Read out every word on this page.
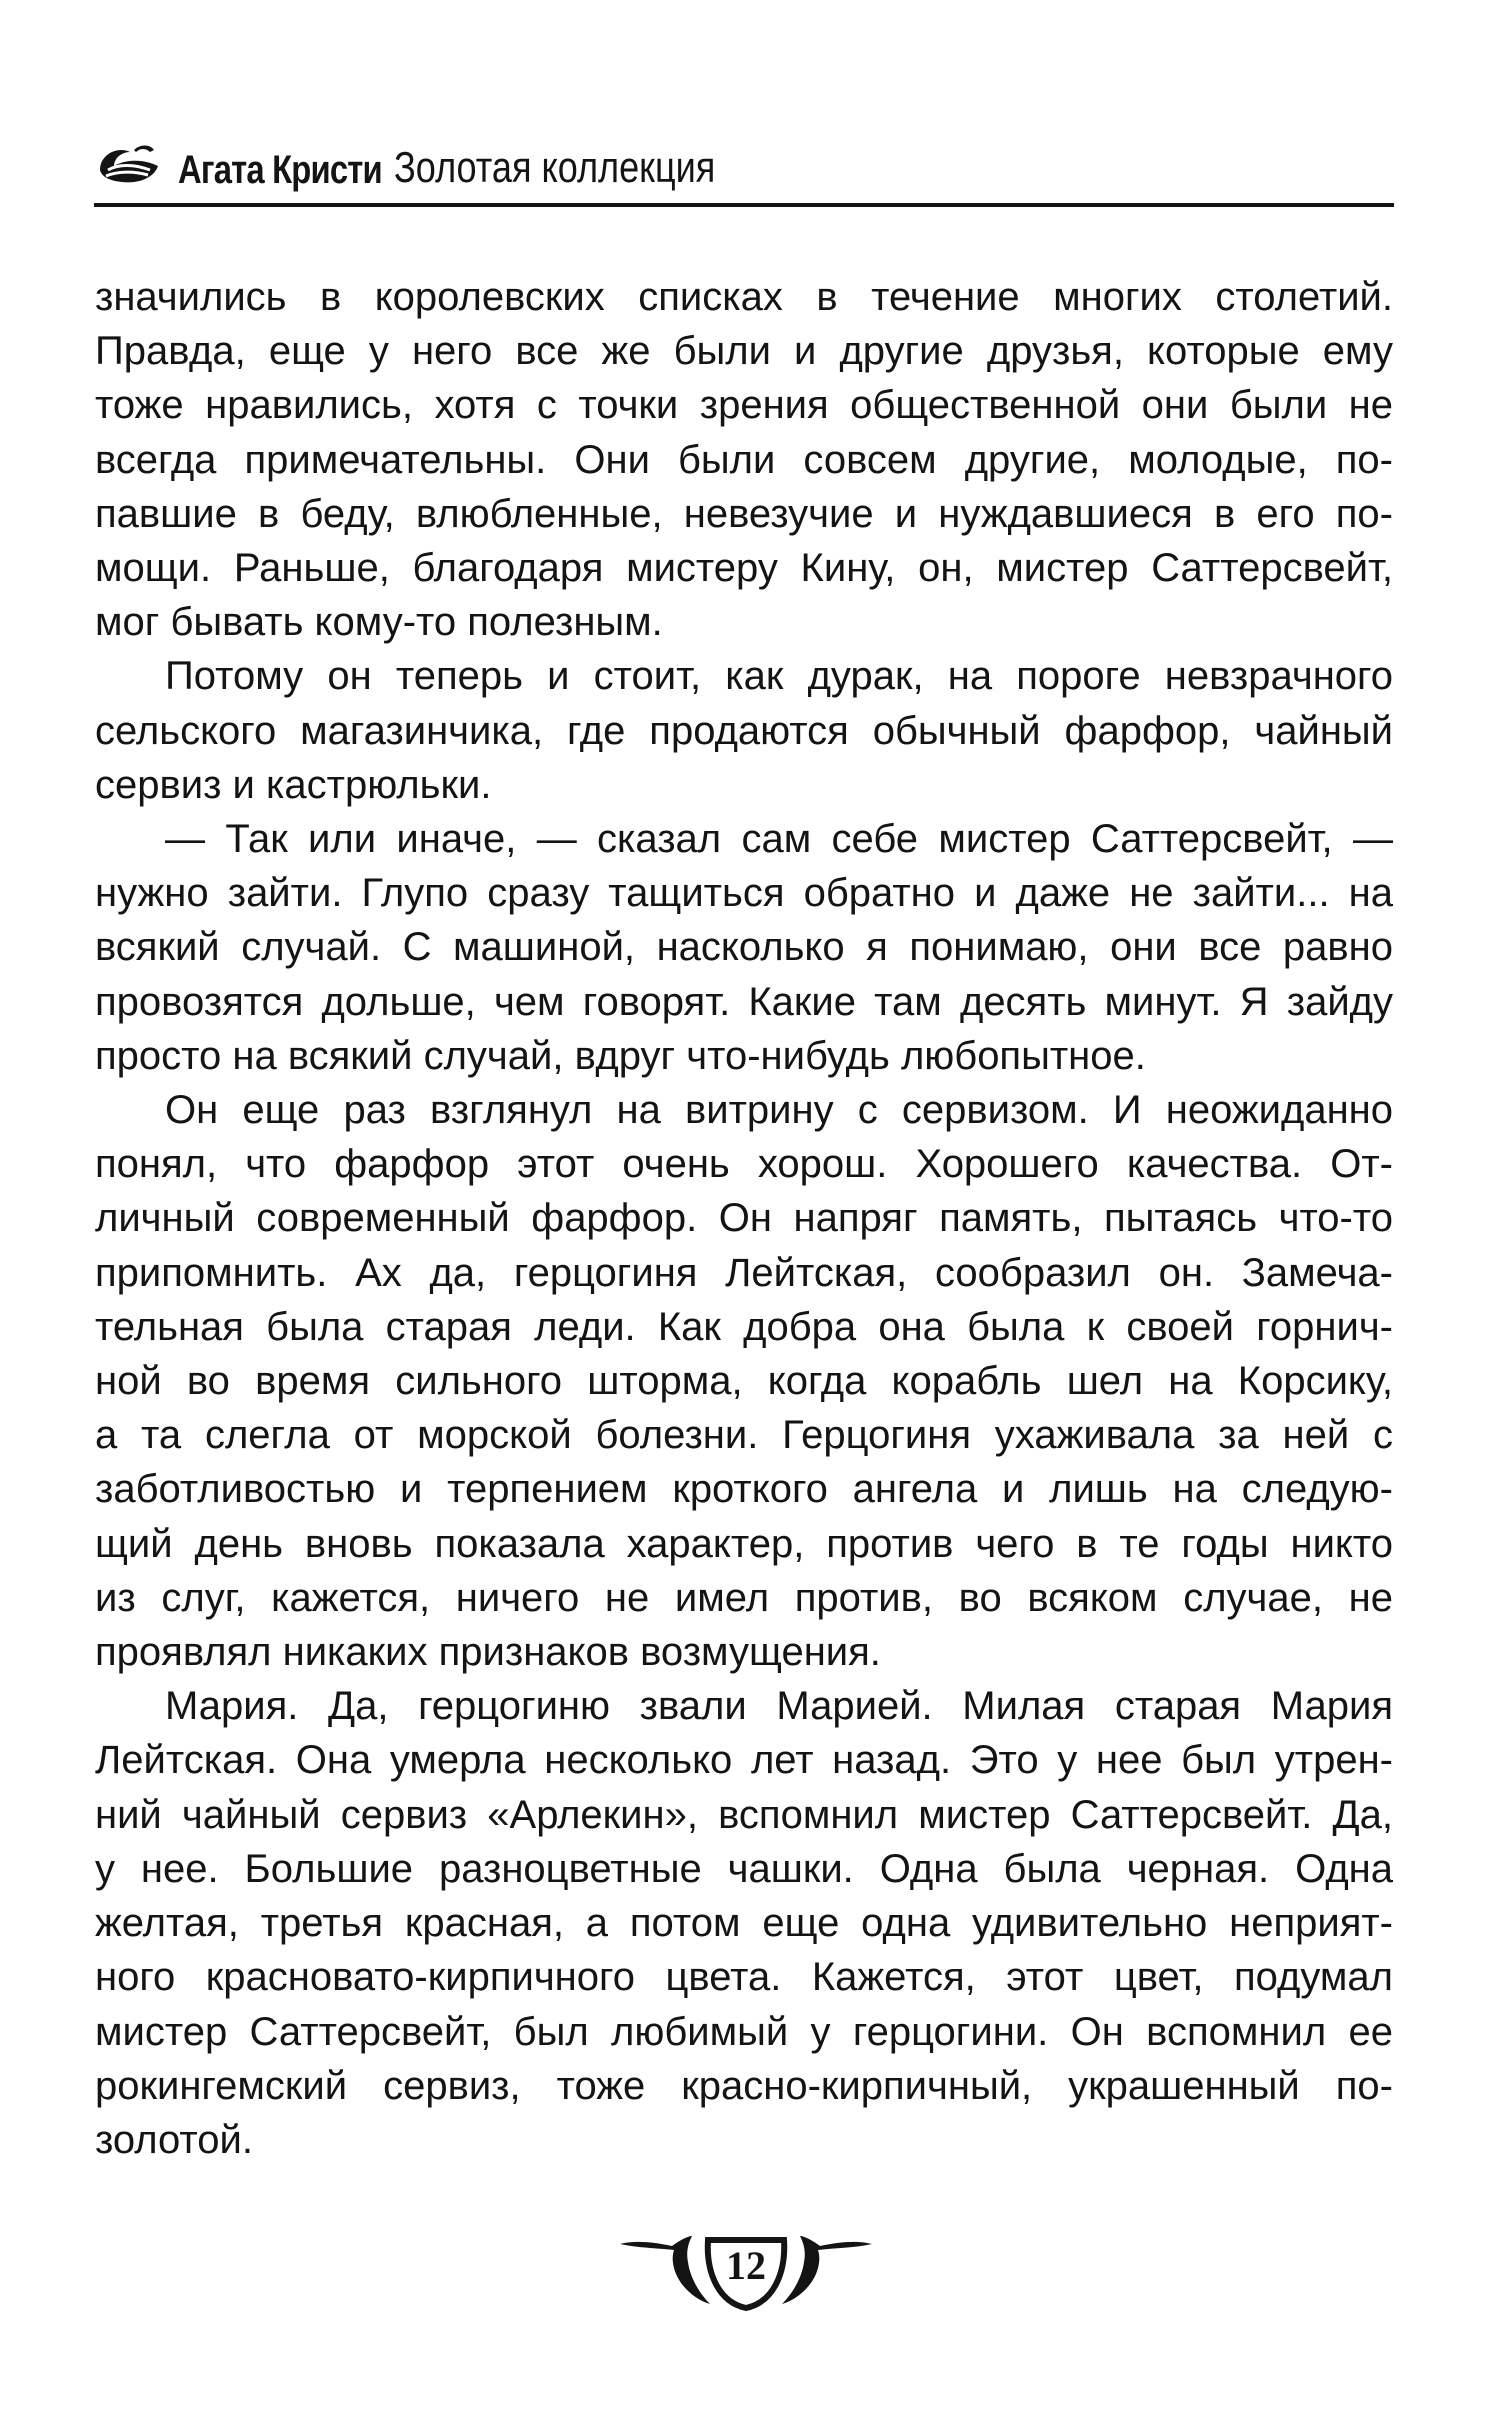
Агата Кристи Золотая коллекция

значились в королевских списках в течение многих столетий.
Правда, еще у него все же были и другие друзья, которые ему
тоже нравились, хотя с точки зрения общественной они были не
всегда примечательны. Они были совсем другие, молодые, по-
павшие в беду, влюбленные, невезучие и нуждавшиеся в его по-
мощи. Раньше, благодаря мистеру Кину, он, мистер Саттерсвейт,
мог бывать кому-то полезным.

Потому он теперь и стоит, как дурак, на пороге невзрачного
сельского магазинчика, где продаются обычный фарфор, чайный
сервиз и кастрюльки.

— Так или иначе, — сказал сам себе мистер Саттерсвейт, —
нужно зайти. Глупо сразу тащиться обратно и даже не зайти... на
всякий случай. С машиной, насколько я понимаю, они все равно
провозятся дольше, чем говорят. Какие там десять минут. Я зайду
просто на всякий случай, вдруг что-нибудь любопытное.

Он еще раз взглянул на витрину с сервизом. И неожиданно
понял, что фарфор этот очень хорош. Хорошего качества. От-
личный современный фарфор. Он напряг память, пытаясь что-то
припомнить. Ах да, герцогиня Лейтская, сообразил он. Замеча-
тельная была старая леди. Как добра она была к своей горнич-
ной во время сильного шторма, когда корабль шел на Корсику,
а та слегла от морской болезни. Герцогиня ухаживала за ней с
заботливостью и терпением кроткого ангела и лишь на следую-
щий день вновь показала характер, против чего в те годы никто
из слуг, кажется, ничего не имел против, во всяком случае, не
проявлял никаких признаков возмущения.

Мария. Да, герцогиню звали Марией. Милая старая Мария
Лейтская. Она умерла несколько лет назад. Это у нее был утрен-
ний чайный сервиз «Арлекин», вспомнил мистер Саттерсвейт. Да,
у нее. Большие разноцветные чашки. Одна была черная. Одна
желтая, третья красная, а потом еще одна удивительно неприят-
ного красновато-кирпичного цвета. Кажется, этот цвет, подумал
мистер Саттерсвейт, был любимый у герцогини. Он вспомнил ее
рокингемский сервиз, тоже красно-кирпичный, украшенный по-
золотой.

12
